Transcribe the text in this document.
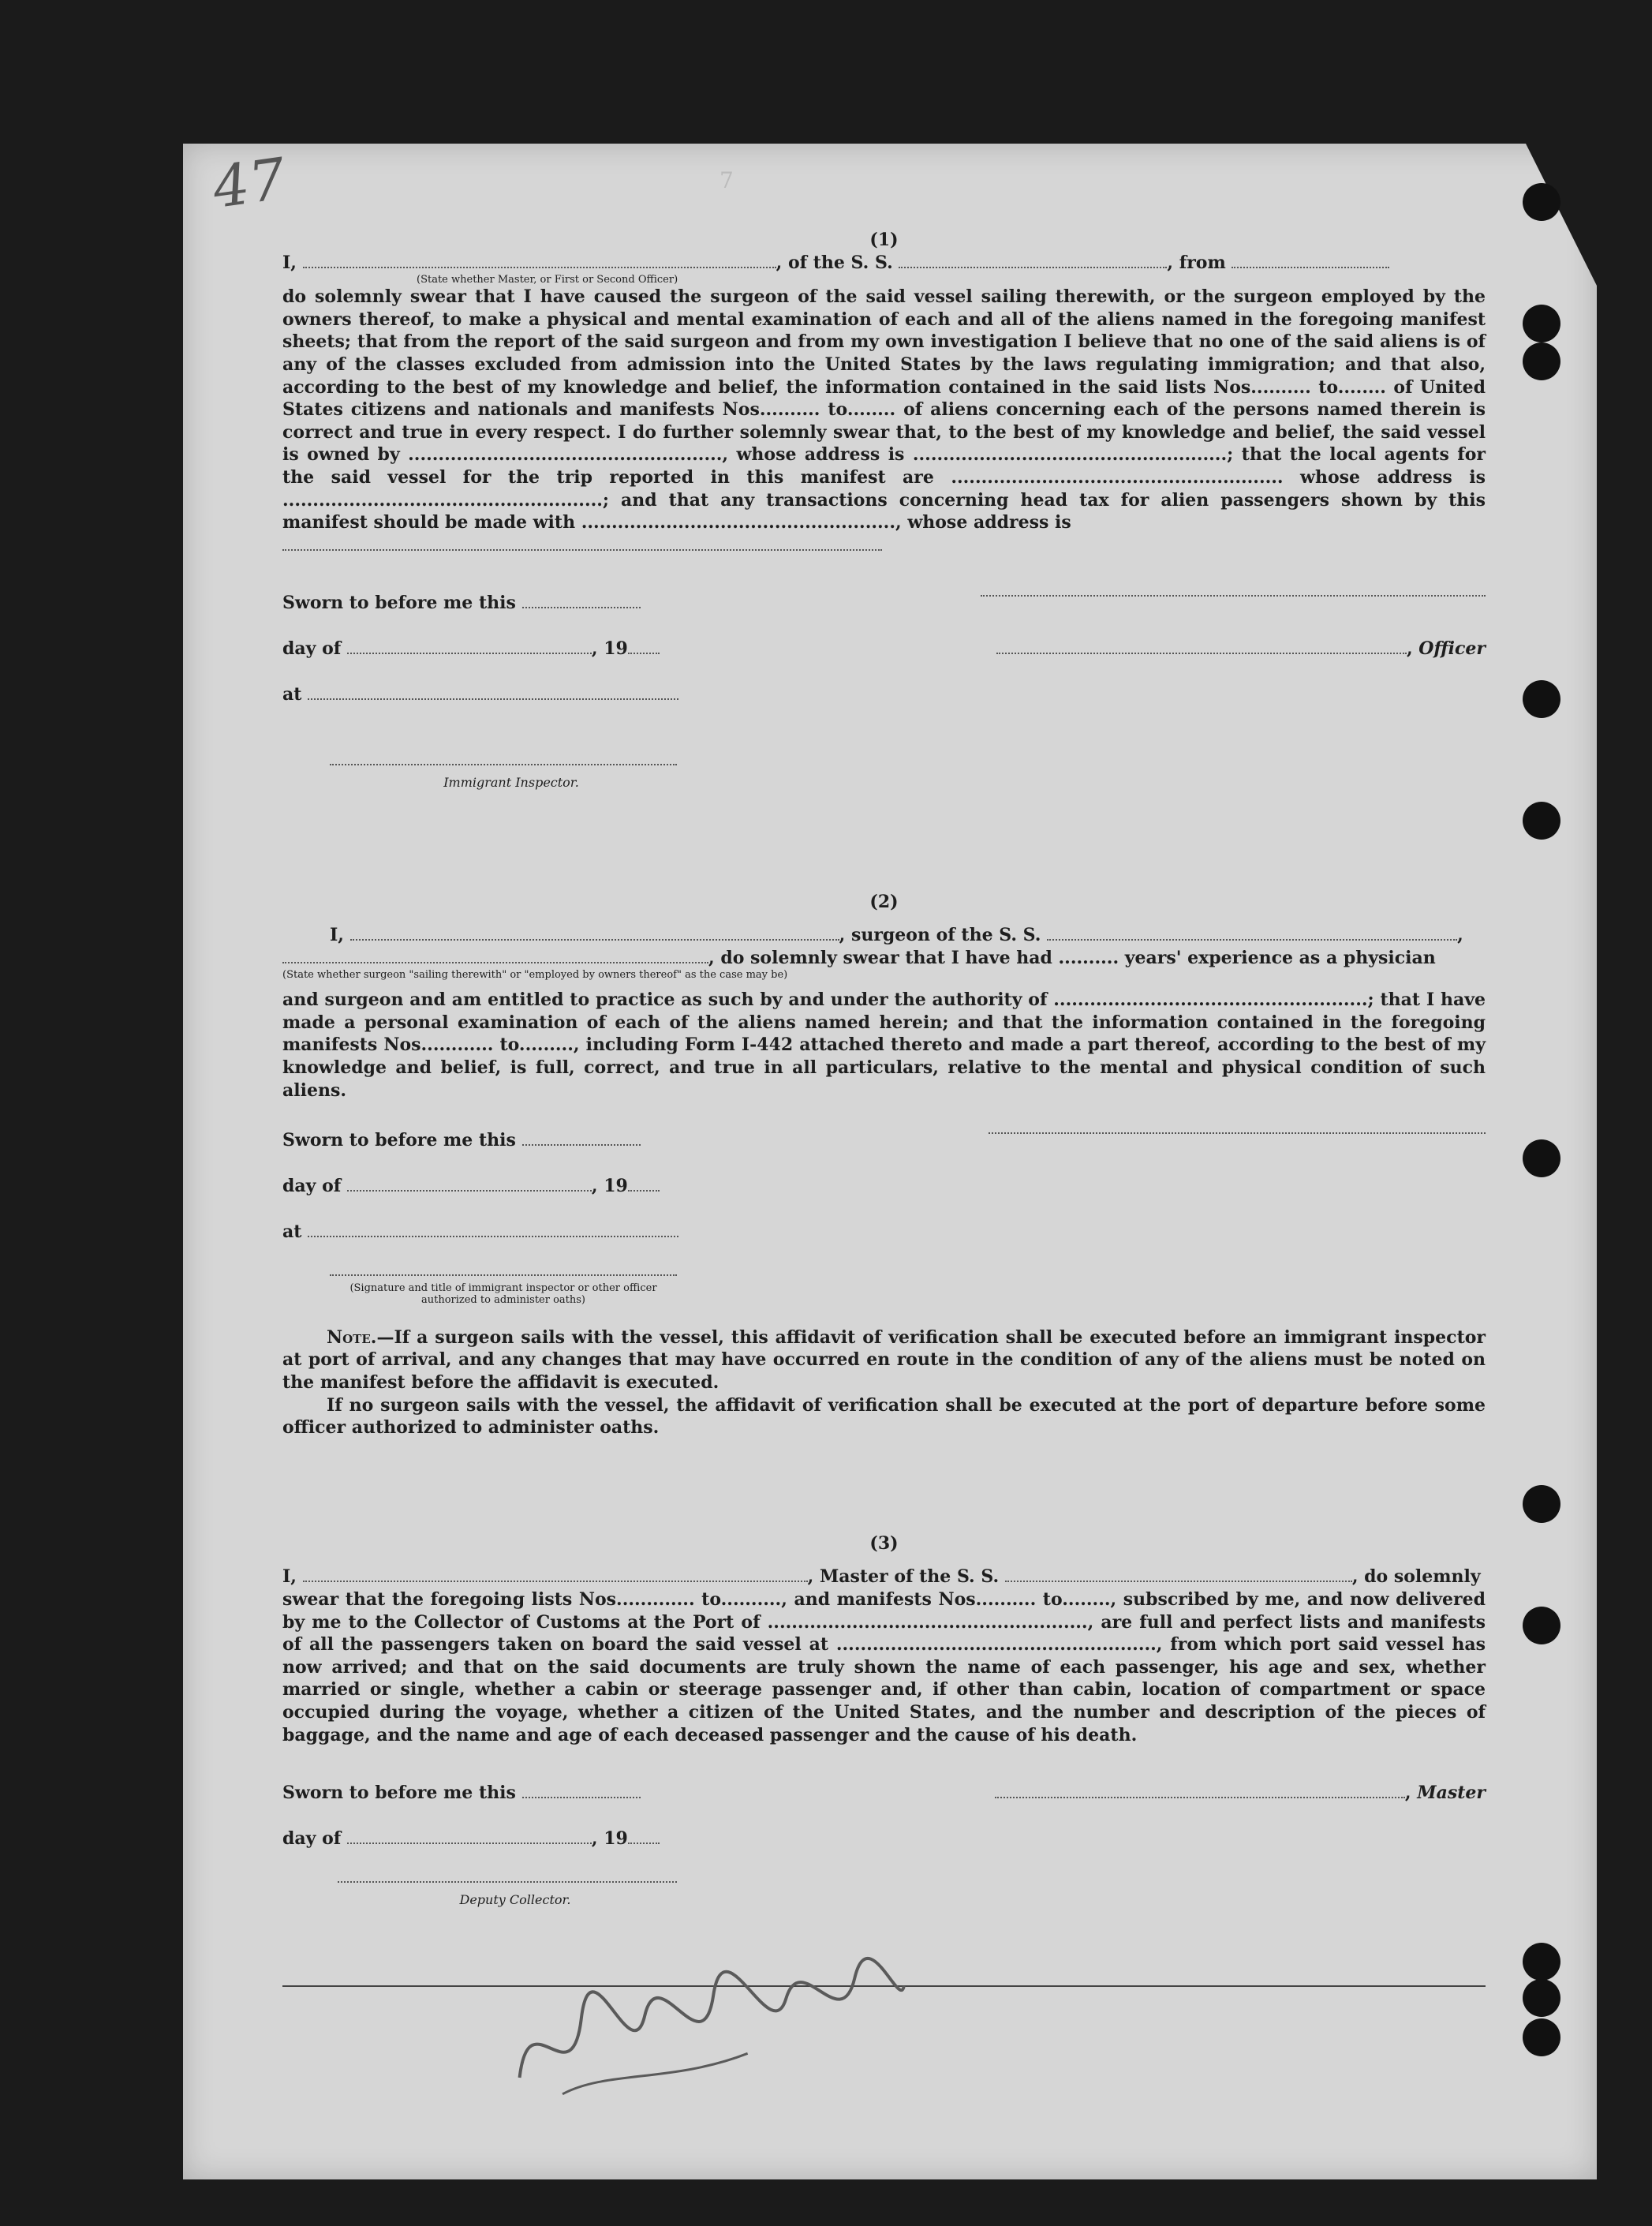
7
47
(1)
I,	, of the S. S.	, from
(State whether Master, or First or Second Officer)
do solemnly swear that I have caused the surgeon of the said vessel sailing therewith, or the surgeon employed by the owners thereof, to make a physical and mental examination of each and all of the aliens named in the foregoing manifest sheets; that from the report of the said surgeon and from my own investigation I believe that no one of the said aliens is of any of the classes excluded from admission into the United States by the laws regulating immigration; and that also, according to the best of my knowledge and belief, the information contained in the said lists Nos.......... to........ of United States citizens and nationals and manifests Nos.......... to........ of aliens concerning each of the persons named therein is correct and true in every respect. I do further solemnly swear that, to the best of my knowledge and belief, the said vessel is owned by ...................................................., whose address is ....................................................; that the local agents for the said vessel for the trip reported in this manifest are ....................................................... whose address is .....................................................; and that any transactions concerning head tax for alien passengers shown by this manifest should be made with ...................................................., whose address is
Sworn to before me this
day of	, 19
at
Immigrant Inspector.
, Officer
(2)
I,	, surgeon of the S. S.	,
, do solemnly swear that I have had .......... years' experience as a physician
(State whether surgeon "sailing therewith" or "employed by owners thereof" as the case may be)
and surgeon and am entitled to practice as such by and under the authority of ....................................................; that I have made a personal examination of each of the aliens named herein; and that the information contained in the foregoing manifests Nos............ to........., including Form I-442 attached thereto and made a part thereof, according to the best of my knowledge and belief, is full, correct, and true in all particulars, relative to the mental and physical condition of such aliens.
Sworn to before me this
day of	, 19
at
(Signature and title of immigrant inspector or other officer authorized to administer oaths)
Note.—If a surgeon sails with the vessel, this affidavit of verification shall be executed before an immigrant inspector at port of arrival, and any changes that may have occurred en route in the condition of any of the aliens must be noted on the manifest before the affidavit is executed.
If no surgeon sails with the vessel, the affidavit of verification shall be executed at the port of departure before some officer authorized to administer oaths.
(3)
I,	, Master of the S. S.	, do solemnly
swear that the foregoing lists Nos............. to.........., and manifests Nos.......... to........, subscribed by me, and now delivered by me to the Collector of Customs at the Port of ....................................................., are full and perfect lists and manifests of all the passengers taken on board the said vessel at ....................................................., from which port said vessel has now arrived; and that on the said documents are truly shown the name of each passenger, his age and sex, whether married or single, whether a cabin or steerage passenger and, if other than cabin, location of compartment or space occupied during the voyage, whether a citizen of the United States, and the number and description of the pieces of baggage, and the name and age of each deceased passenger and the cause of his death.
Sworn to before me this
day of	, 19
Deputy Collector.
, Master
